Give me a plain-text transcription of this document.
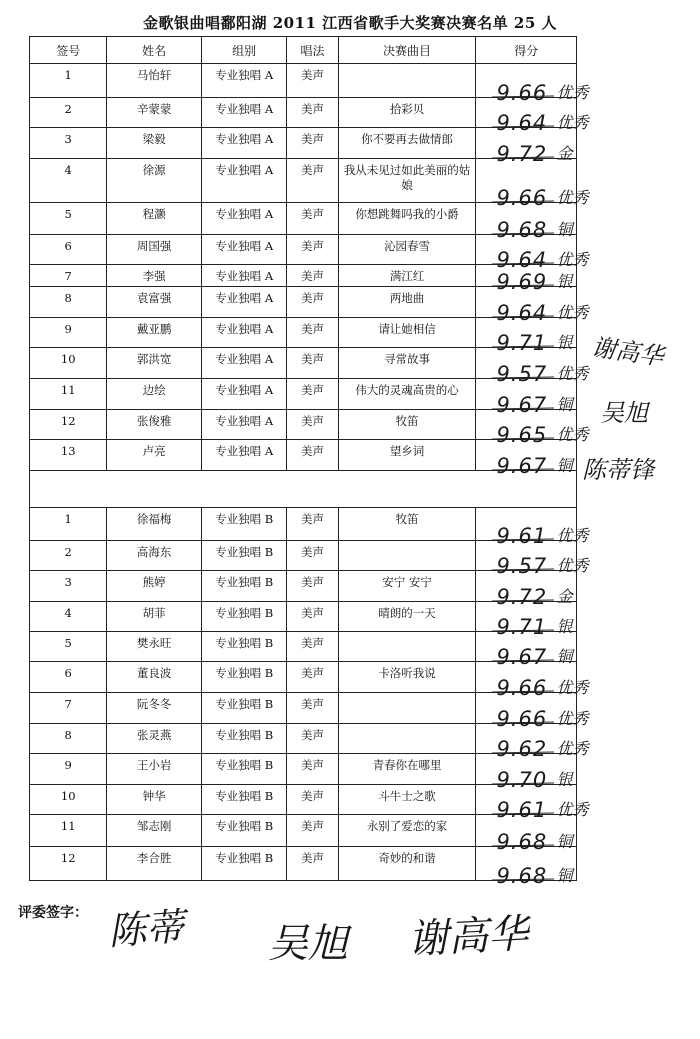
金歌银曲唱鄱阳湖 2011 江西省歌手大奖赛决赛名单 25 人
签号	姓名	组别	唱法	决赛曲目	得分
1	马怡轩	专业独唱 A	美声		9.66 优秀

2	辛蒙蒙	专业独唱 A	美声	拾彩贝	9.64 优秀

3	梁毅	专业独唱 A	美声	你不要再去做情郎	9.72 金

4	徐源	专业独唱 A	美声	我从未见过如此美丽的姑娘	9.66 优秀

5	程灏	专业独唱 A	美声	你想跳舞吗我的小爵	9.68 铜

6	周国强	专业独唱 A	美声	沁园春雪	9.64 优秀

7	李强	专业独唱 A	美声	满江红	9.69 银

8	袁富强	专业独唱 A	美声	两地曲	9.64 优秀

9	戴亚鹏	专业独唱 A	美声	请让她相信	9.71 银

10	郭洪宽	专业独唱 A	美声	寻常故事	9.57 优秀

11	边绘	专业独唱 A	美声	伟大的灵魂高贵的心	9.67 铜

12	张俊雅	专业独唱 A	美声	牧笛	9.65 优秀

13	卢亮	专业独唱 A	美声	望乡词	9.67 铜

1	徐福梅	专业独唱 B	美声	牧笛	9.61 优秀

2	高海东	专业独唱 B	美声		9.57 优秀

3	熊婷	专业独唱 B	美声	安宁 安宁	9.72 金

4	胡菲	专业独唱 B	美声	晴朗的一天	9.71 银

5	樊永旺	专业独唱 B	美声		9.67 铜

6	董良波	专业独唱 B	美声	卡洛听我说	9.66 优秀

7	阮冬冬	专业独唱 B	美声		9.66 优秀

8	张灵燕	专业独唱 B	美声		9.62 优秀

9	王小岩	专业独唱 B	美声	青春你在哪里	9.70 银

10	钟华	专业独唱 B	美声	斗牛士之歌	9.61 优秀

11	邹志刚	专业独唱 B	美声	永别了爱恋的家	9.68 铜

12	李合胜	专业独唱 B	美声	奇妙的和谐	9.68 铜
谢高华
吴旭
陈蒂锋
评委签字： 陈蒂 吴旭 谢高华
